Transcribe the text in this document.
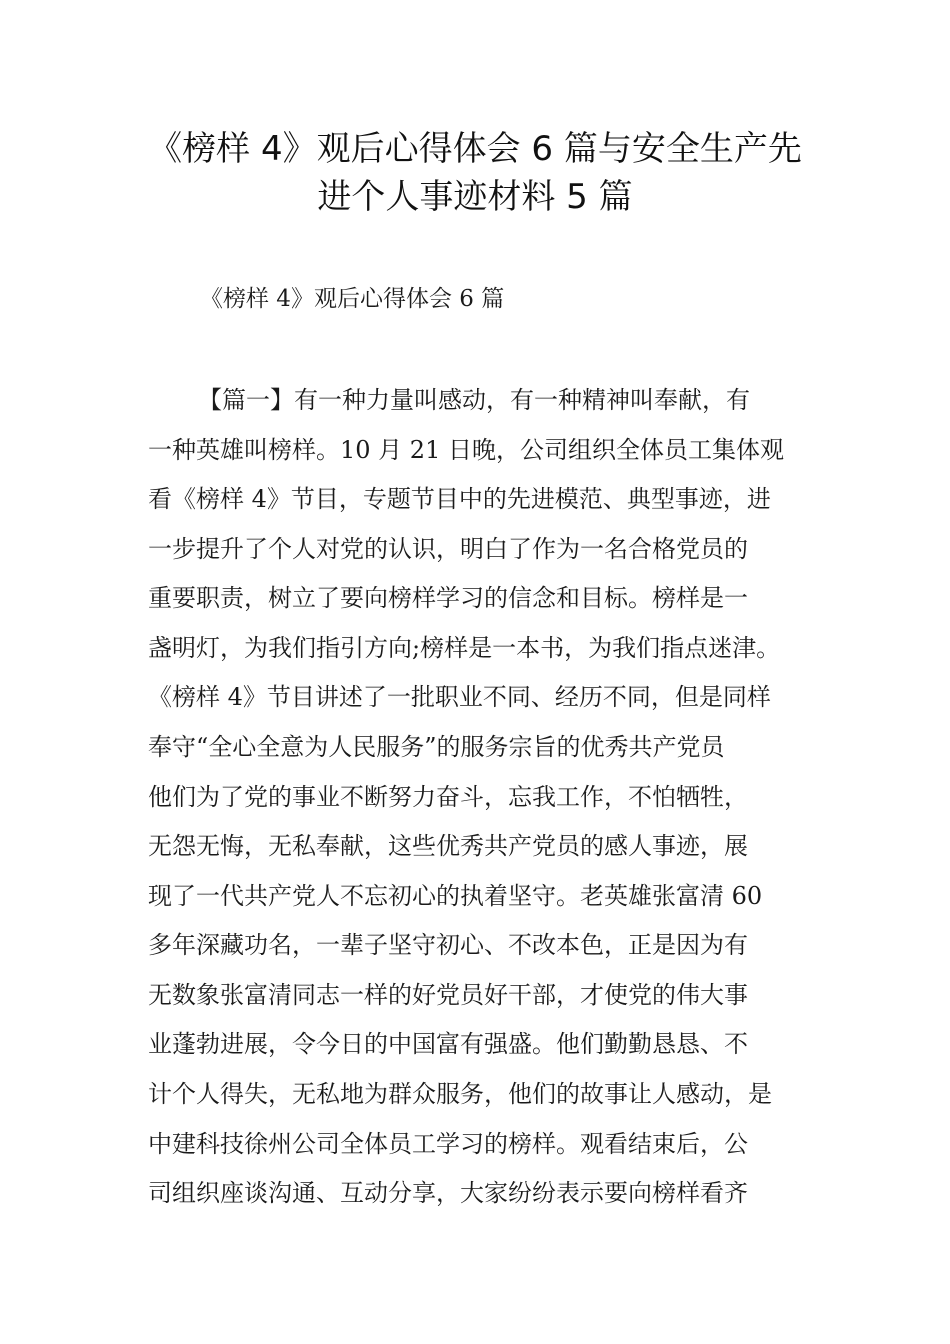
《榜样 4》观后心得体会 6 篇与安全生产先
进个人事迹材料 5 篇
《榜样 4》观后心得体会 6 篇
【篇一】有一种力量叫感动，有一种精神叫奉献，有
一种英雄叫榜样。10 月 21 日晚，公司组织全体员工集体观
看《榜样 4》节目，专题节目中的先进模范、典型事迹，进
一步提升了个人对党的认识，明白了作为一名合格党员的
重要职责，树立了要向榜样学习的信念和目标。榜样是一
盏明灯，为我们指引方向;榜样是一本书，为我们指点迷津。
《榜样 4》节目讲述了一批职业不同、经历不同，但是同样
奉守“全心全意为人民服务”的服务宗旨的优秀共产党员
他们为了党的事业不断努力奋斗，忘我工作，不怕牺牲，
无怨无悔，无私奉献，这些优秀共产党员的感人事迹，展
现了一代共产党人不忘初心的执着坚守。老英雄张富清 60
多年深藏功名，一辈子坚守初心、不改本色，正是因为有
无数象张富清同志一样的好党员好干部，才使党的伟大事
业蓬勃进展，令今日的中国富有强盛。他们勤勤恳恳、不
计个人得失，无私地为群众服务，他们的故事让人感动，是
中建科技徐州公司全体员工学习的榜样。观看结束后，公
司组织座谈沟通、互动分享，大家纷纷表示要向榜样看齐
